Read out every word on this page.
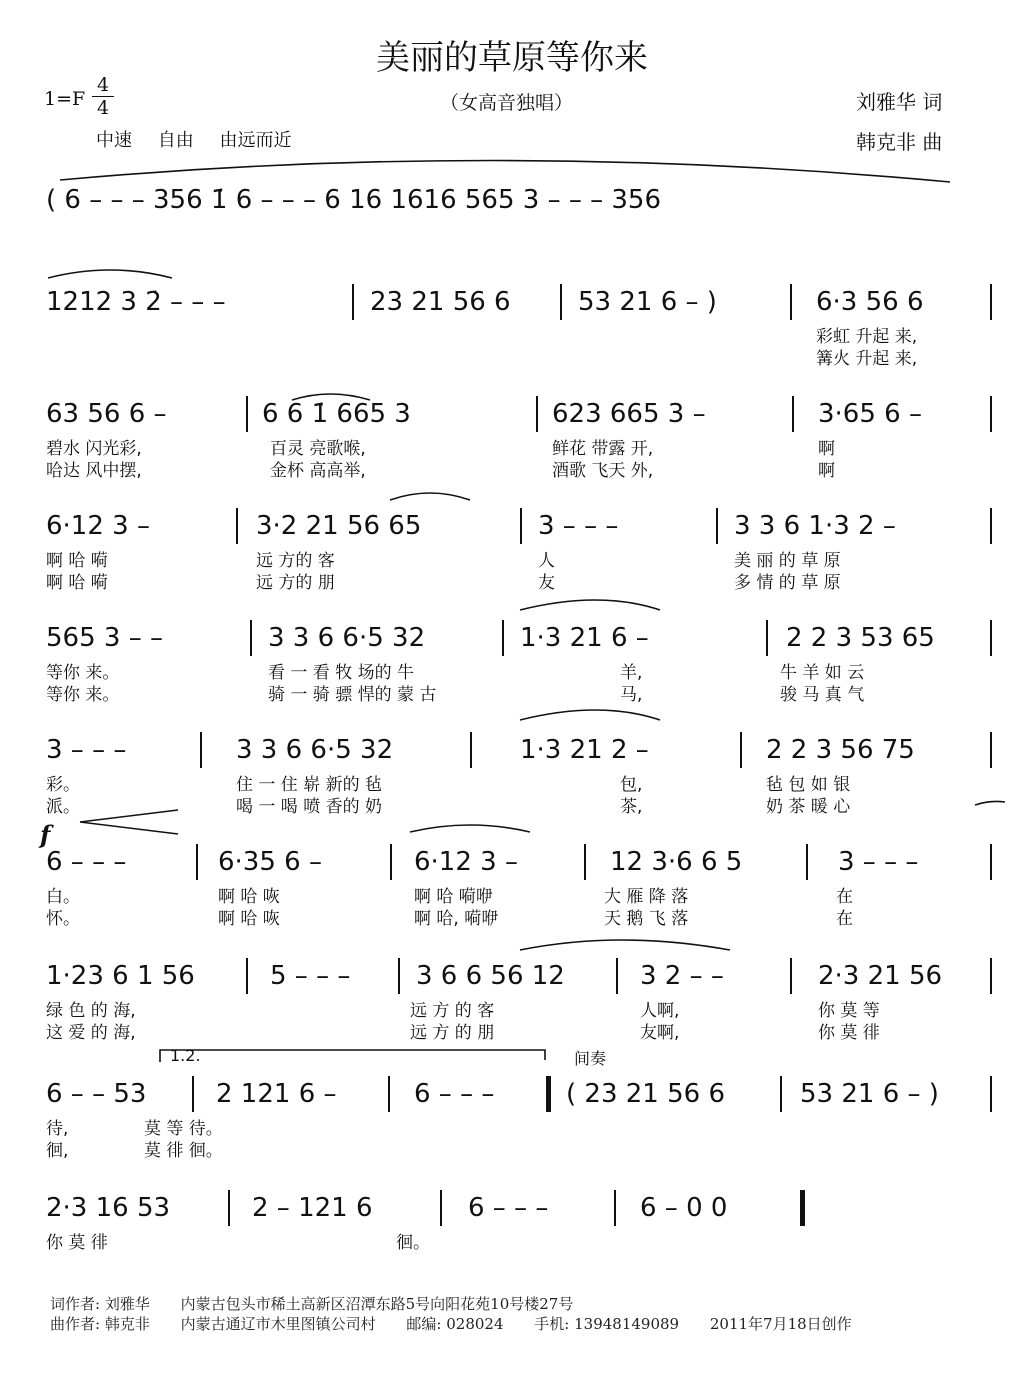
美丽的草原等你来
1=F
4
4	（女高音独唱）
中速 自由 由远而近
刘雅华 词
韩克非 曲
f
1.2.	间奏
( 6 – – – 356 1̇ 6 – – – 6 16 1616 565 3 – – – 356
1212 3 2̇ – – –	23 21 56 6	53 21 6 – )	6·3 56 6
彩虹 升起 来,
篝火 升起 来,
63 56 6 –	6 6 1̇ 665 3	623 665 3 –	3·65 6 –
碧水 闪光彩,	百灵 亮歌喉,	鲜花 带露 开,	啊
哈达 风中摆,	金杯 高高举,	酒歌 飞天 外,	啊
6·12 3 –	3·2 21 56 65	3 – – –	3 3 6 1·3 2 –
啊 哈 嗬	远 方的 客	人	美 丽 的 草 原
啊 哈 嗬	远 方的 朋	友	多 情 的 草 原
565 3 – –	3 3 6 6·5 32	1·3 21 6 –	2 2 3 53 65
等你 来。	看 一 看 牧 场的 牛	羊,	牛 羊 如 云
等你 来。	骑 一 骑 骠 悍的 蒙 古	马,	骏 马 真 气
3 – – –	3 3 6 6·5 32	1·3 21 2 –	2 2 3 56 75
彩。	住 一 住 崭 新的 毡	包,	毡 包 如 银
派。	喝 一 喝 喷 香的 奶	茶,	奶 茶 暖 心
6 – – –	6·35 6 –	6·12 3 –	12 3·6 6 5	3 – – –
白。	啊 哈 咴	啊 哈 嗬咿	大 雁 降 落	在
怀。	啊 哈 咴	啊 哈, 嗬咿	天 鹅 飞 落	在
1·23 6 1 56	5 – – –	3 6 6 56 12	3 2 – –	2·3 21 56
绿 色 的 海,	远 方 的 客	人啊,	你 莫 等
这 爱 的 海,	远 方 的 朋	友啊,	你 莫 徘
6 – – 53	2 121 6 –	6 – – –	( 23 21 56 6	53 21 6 – )
待,	莫 等 待。
徊,	莫 徘 徊。
2·3 16 53	2 – 121 6	6 – – –	6 – 0 0
你 莫 徘	徊。
词作者: 刘雅华 内蒙古包头市稀土高新区沼潭东路5号向阳花苑10号楼27号
曲作者: 韩克非 内蒙古通辽市木里图镇公司村 邮编: 028024 手机: 13948149089 2011年7月18日创作
